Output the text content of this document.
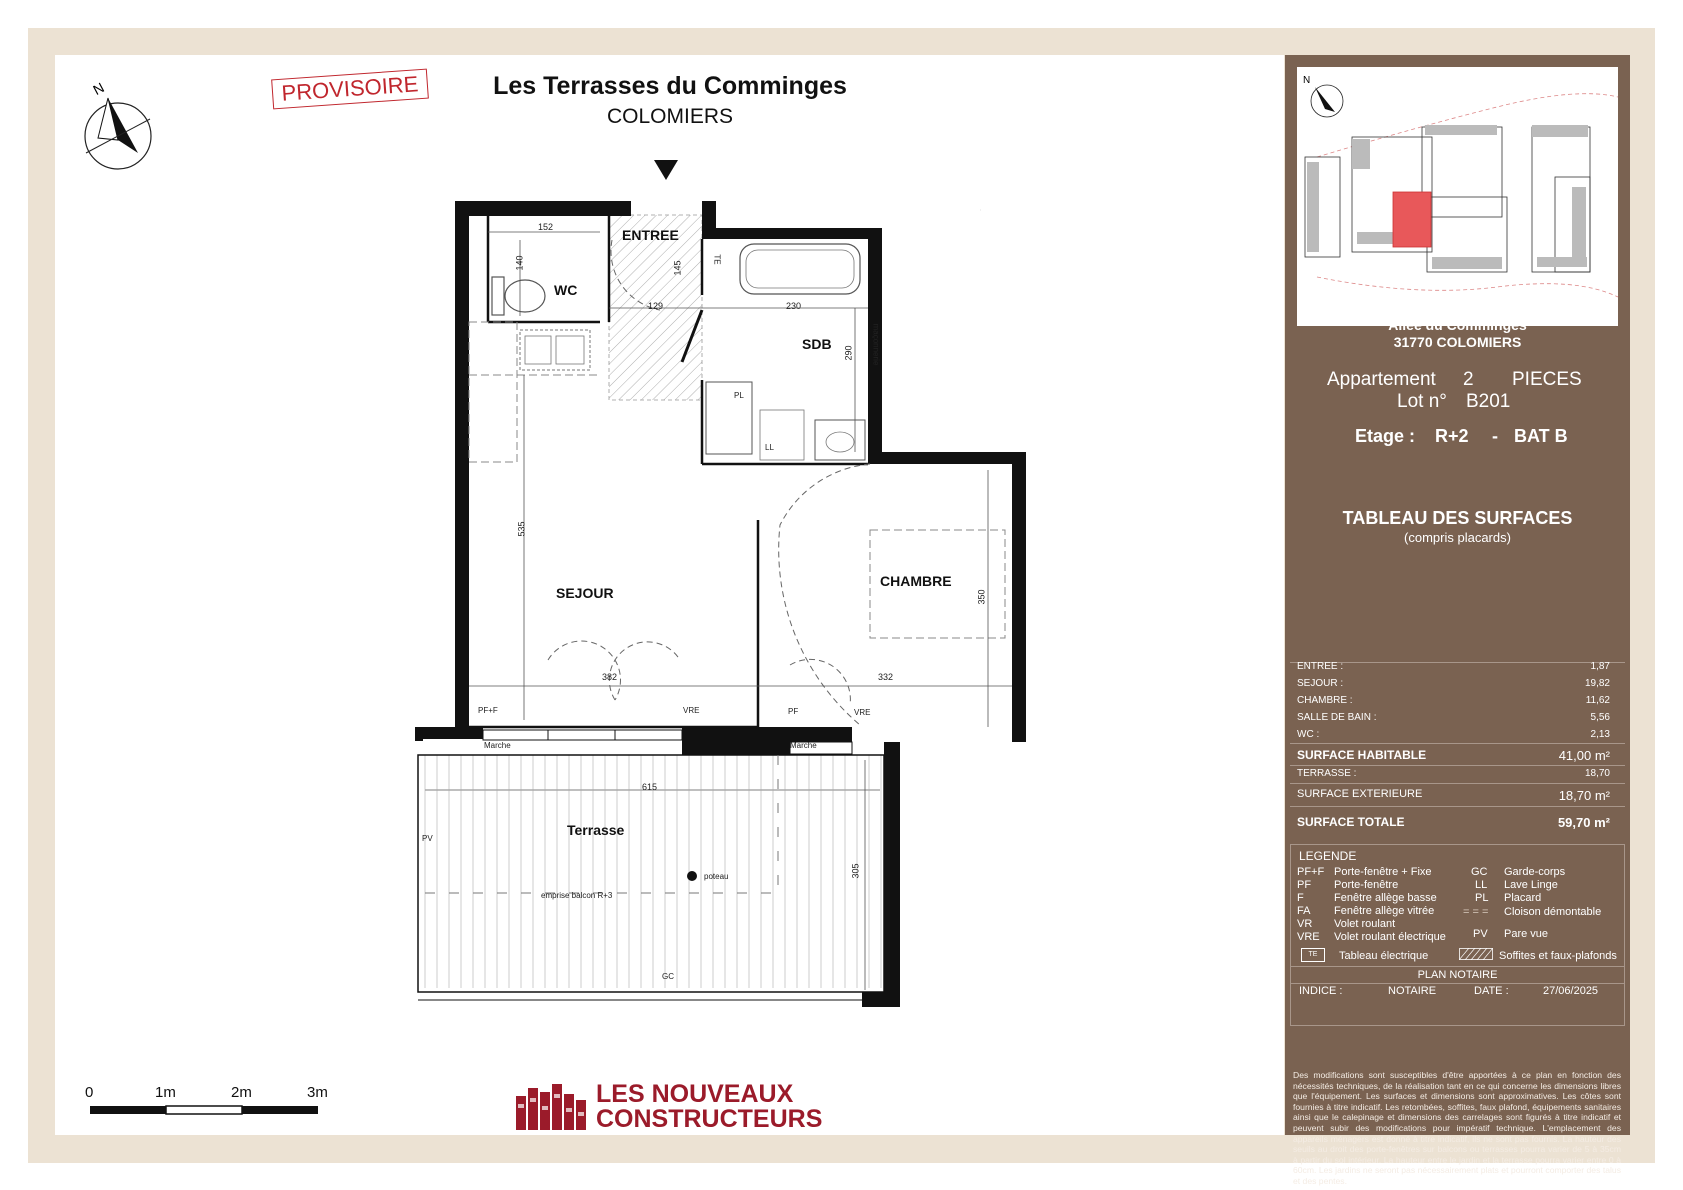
PROVISOIRE	Les Terrasses du Comminges
COLOMIERS
N
ENTREE
WC
SDB
SEJOUR
CHAMBRE
Terrasse
152
140	145
129	230
290 maçonnerie
535
350
382	332
615
305
TE
PL
LL
PF+F	VRE	PF	VRE
Marche	Marche
PV
poteau
emprise balcon R+3
GC
0	1m	2m	3m	LES NOUVEAUX
CONSTRUCTEURS
N
Allée du Comminges
31770 COLOMIERS
Appartement 2 PIECES
Lot n° B201
Etage : R+2 - BAT B
TABLEAU DES SURFACES
(compris placards)
ENTREE :	1,87
SEJOUR :	19,82
CHAMBRE :	11,62
SALLE DE BAIN :	5,56
WC :	2,13
SURFACE HABITABLE	41,00 m²
TERRASSE :	18,70
SURFACE EXTERIEURE	18,70 m²
SURFACE TOTALE	59,70 m²
LEGENDE
PF+F Porte-fenêtre + Fixe
PF Porte-fenêtre
F	Fenêtre allège basse
FA Fenêtre allège vitrée
VR Volet roulant
VRE Volet roulant électrique
GC Garde-corps
LL Lave Linge
PL Placard
= = = Cloison démontable
PV Pare vue
TE	Tableau électrique	Soffites et faux-plafonds
PLAN NOTAIRE
INDICE :	NOTAIRE	DATE :	27/06/2025
Des modifications sont susceptibles d'être apportées à ce plan en fonction des nécessités techniques, de la réalisation tant en ce qui concerne les dimensions libres que l'équipement. Les surfaces et dimensions sont approximatives. Les côtes sont fournies à titre indicatif. Les retombées, soffites, faux plafond, équipements sanitaires ainsi que le calepinage et dimensions des carrelages sont figurés à titre indicatif et peuvent subir des modifications pour impératif technique. L'emplacement des appareils ménagers est donné à titre indicatif, ils ne sont pas fournis. La hauteur des seuils au droit des porte-fenêtres sur balcons ou terrasses pourra varier de 5 à 35cm à partir du sol intérieur. La hauteur entre le jardin et la terrasse pourra varier entre 0 à 60cm. Les jardins ne seront pas nécessairement plats et pourront comporter des talus et des pentes.
